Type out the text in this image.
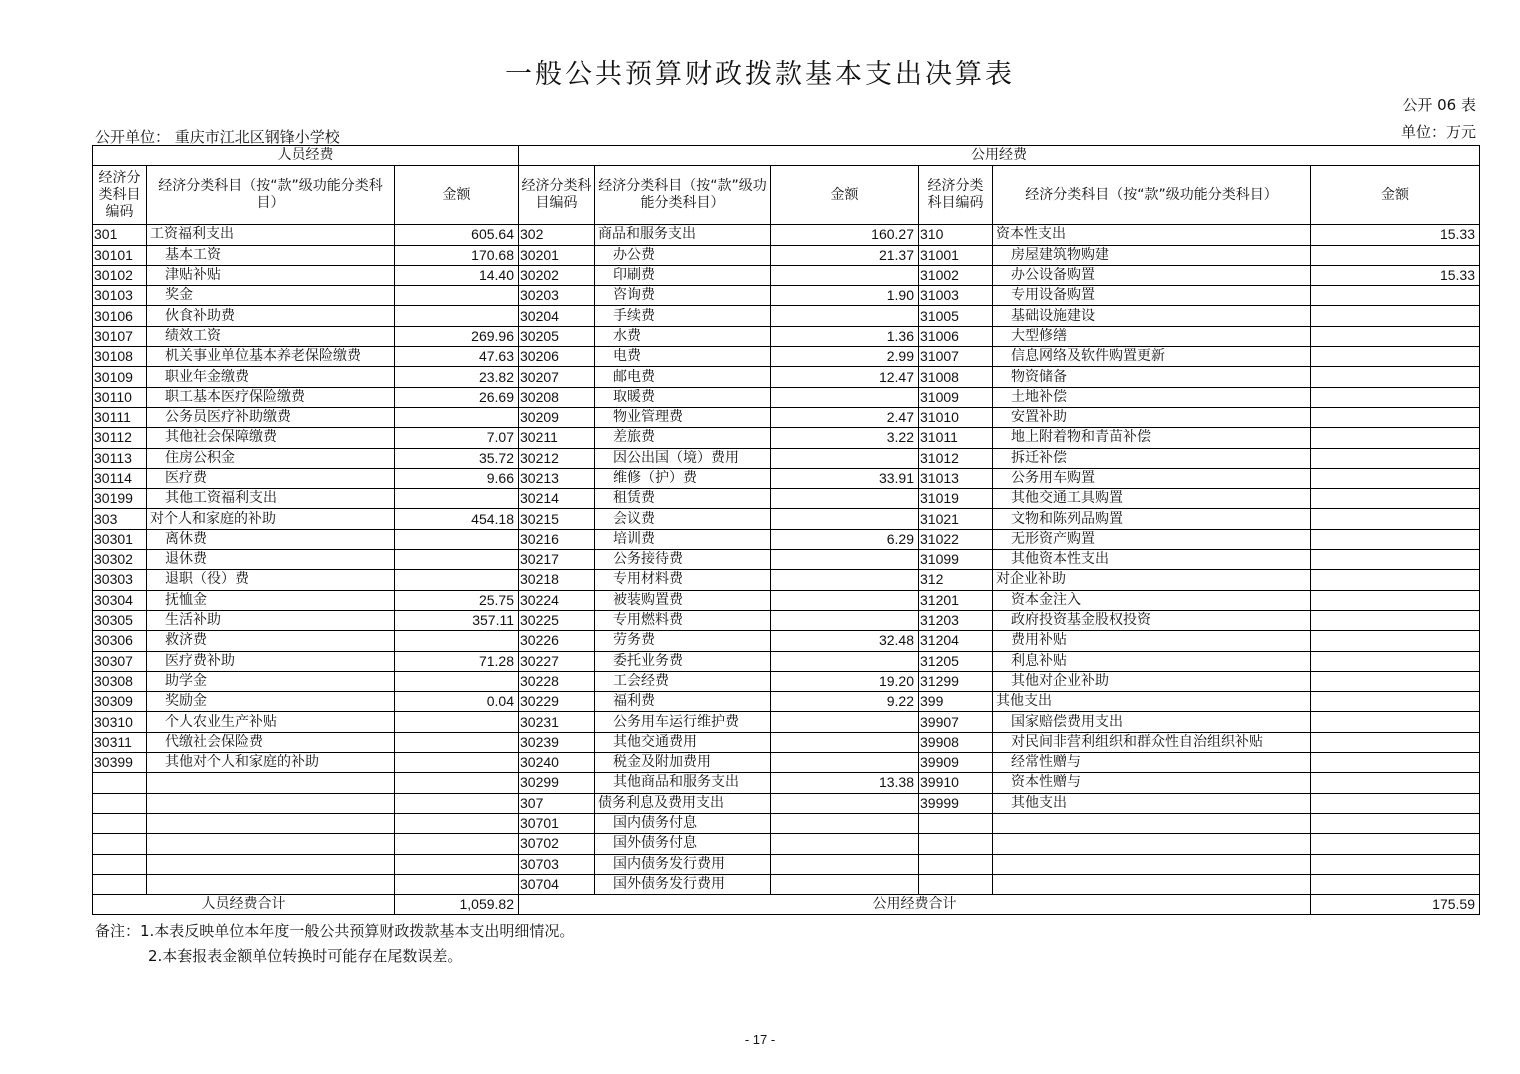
一般公共预算财政拨款基本支出决算表
公开 06 表
单位：万元
公开单位： 重庆市江北区钢锋小学校
人员经费			公用经费					
经济分类科目编码	经济分类科目（按“款”级功能分类科目）	金额	经济分类科目编码	经济分类科目（按“款”级功能分类科目）	金额	经济分类科目编码	经济分类科目（按“款”级功能分类科目）	金额
301	工资福利支出	605.64	302	商品和服务支出	160.27	310	资本性支出	15.33
30101	基本工资	170.68	30201	办公费	21.37	31001	房屋建筑物购建	
30102	津贴补贴	14.40	30202	印刷费		31002	办公设备购置	15.33
30103	奖金		30203	咨询费	1.90	31003	专用设备购置	
30106	伙食补助费		30204	手续费		31005	基础设施建设	
30107	绩效工资	269.96	30205	水费	1.36	31006	大型修缮	
30108	机关事业单位基本养老保险缴费	47.63	30206	电费	2.99	31007	信息网络及软件购置更新	
30109	职业年金缴费	23.82	30207	邮电费	12.47	31008	物资储备	
30110	职工基本医疗保险缴费	26.69	30208	取暖费		31009	土地补偿	
30111	公务员医疗补助缴费		30209	物业管理费	2.47	31010	安置补助	
30112	其他社会保障缴费	7.07	30211	差旅费	3.22	31011	地上附着物和青苗补偿	
30113	住房公积金	35.72	30212	因公出国（境）费用		31012	拆迁补偿	
30114	医疗费	9.66	30213	维修（护）费	33.91	31013	公务用车购置	
30199	其他工资福利支出		30214	租赁费		31019	其他交通工具购置	
303	对个人和家庭的补助	454.18	30215	会议费		31021	文物和陈列品购置	
30301	离休费		30216	培训费	6.29	31022	无形资产购置	
30302	退休费		30217	公务接待费		31099	其他资本性支出	
30303	退职（役）费		30218	专用材料费		312	对企业补助	
30304	抚恤金	25.75	30224	被装购置费		31201	资本金注入	
30305	生活补助	357.11	30225	专用燃料费		31203	政府投资基金股权投资	
30306	救济费		30226	劳务费	32.48	31204	费用补贴	
30307	医疗费补助	71.28	30227	委托业务费		31205	利息补贴	
30308	助学金		30228	工会经费	19.20	31299	其他对企业补助	
30309	奖励金	0.04	30229	福利费	9.22	399	其他支出	
30310	个人农业生产补贴		30231	公务用车运行维护费		39907	国家赔偿费用支出	
30311	代缴社会保险费		30239	其他交通费用		39908	对民间非营利组织和群众性自治组织补贴	
30399	其他对个人和家庭的补助		30240	税金及附加费用		39909	经常性赠与	
			30299	其他商品和服务支出	13.38	39910	资本性赠与	
			307	债务利息及费用支出		39999	其他支出	
			30701	国内债务付息				
			30702	国外债务付息				
			30703	国内债务发行费用				
			30704	国外债务发行费用				
人员经费合计		1,059.82	公用经费合计					175.59
备注：1.本表反映单位本年度一般公共预算财政拨款基本支出明细情况。
2.本套报表金额单位转换时可能存在尾数误差。
- 17 -
